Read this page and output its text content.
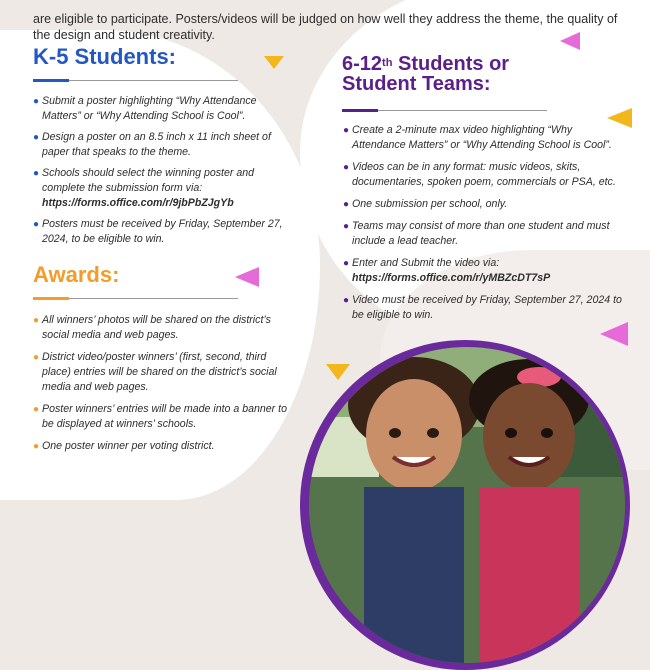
are eligible to participate. Posters/videos will be judged on how well they address the theme, the quality of the design and student creativity.

K-5 Students:
● Submit a poster highlighting “Why Attendance Matters” or “Why Attending School is Cool”.
● Design a poster on an 8.5 inch x 11 inch sheet of paper that speaks to the theme.
● Schools should select the winning poster and complete the submission form via:
https://forms.office.com/r/9jbPbZJgYb
● Posters must be received by Friday, September 27, 2024, to be eligible to win.
6-12th Students or
Student Teams:
● Create a 2-minute max video highlighting “Why Attendance Matters” or “Why Attending School is Cool”.
● Videos can be in any format: music videos, skits, documentaries, spoken poem, commercials or PSA, etc.
● One submission per school, only.
● Teams may consist of more than one student and must include a lead teacher.
● Enter and Submit the video via:
https://forms.office.com/r/yMBZcDT7sP
● Video must be received by Friday, September 27, 2024 to be eligible to win.
Awards:
● All winners’ photos will be shared on the district’s social media and web pages.
● District video/poster winners’ (first, second, third place) entries will be shared on the district’s social media and web pages.
● Poster winners’ entries will be made into a banner to be displayed at winners’ schools.
● One poster winner per voting district.
